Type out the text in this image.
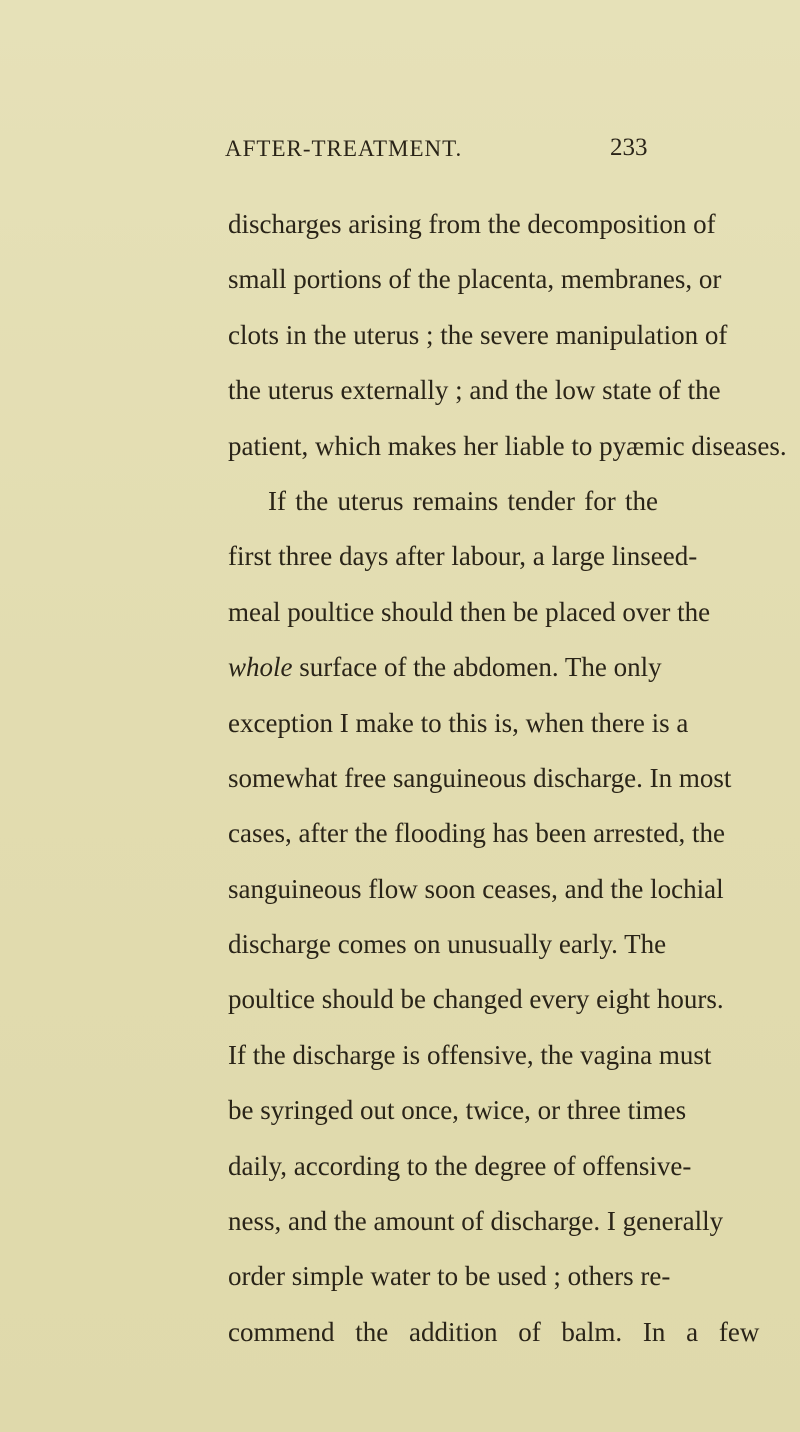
AFTER-TREATMENT.	233
discharges arising from the decomposition of
small portions of the placenta, membranes, or
clots in the uterus ; the severe manipulation of
the uterus externally ; and the low state of the
patient, which makes her liable to pyæmic diseases.
If the uterus remains tender for the
first three days after labour, a large linseed-
meal poultice should then be placed over the
whole surface of the abdomen. The only
exception I make to this is, when there is a
somewhat free sanguineous discharge. In most
cases, after the flooding has been arrested, the
sanguineous flow soon ceases, and the lochial
discharge comes on unusually early. The
poultice should be changed every eight hours.
If the discharge is offensive, the vagina must
be syringed out once, twice, or three times
daily, according to the degree of offensive-
ness, and the amount of discharge. I generally
order simple water to be used ; others re-
commend the addition of balm. In a few
